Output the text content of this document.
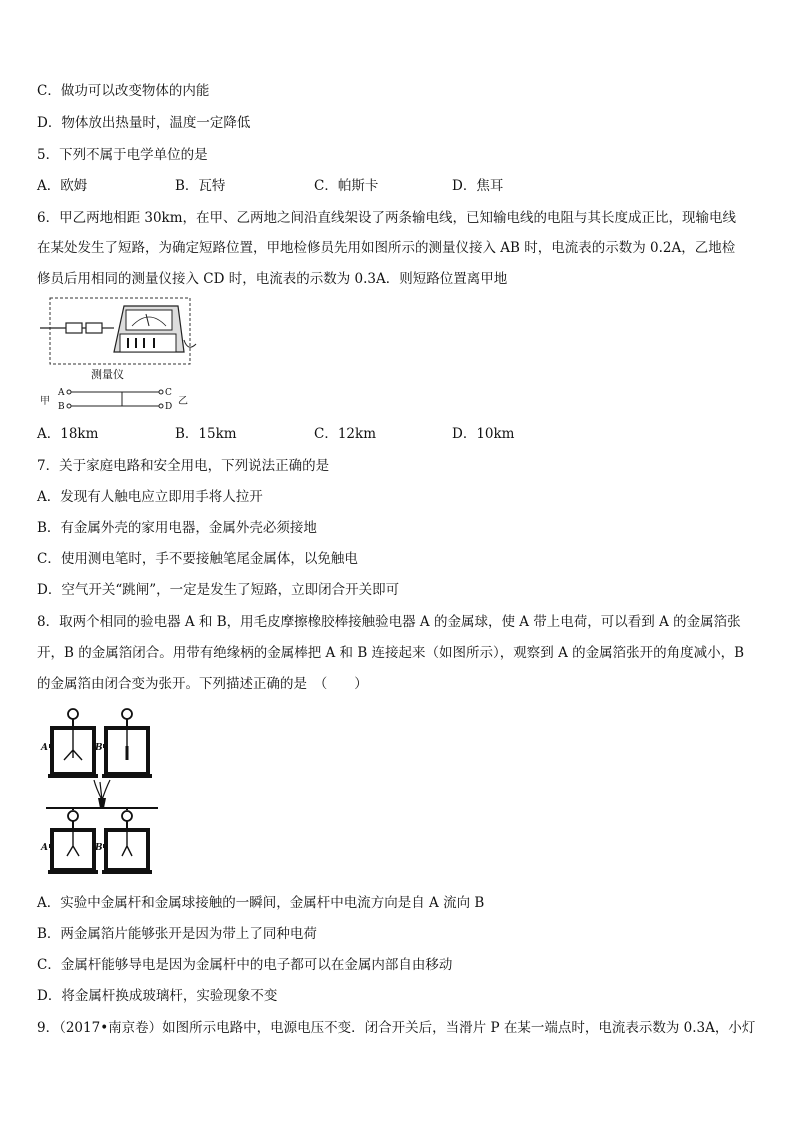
C．做功可以改变物体的内能
D．物体放出热量时，温度一定降低
5．下列不属于电学单位的是
A．欧姆	B．瓦特	C．帕斯卡	D．焦耳
6．甲乙两地相距 30km，在甲、乙两地之间沿直线架设了两条输电线，已知输电线的电阻与其长度成正比，现输电线
在某处发生了短路，为确定短路位置，甲地检修员先用如图所示的测量仪接入 AB 时，电流表的示数为 0.2A，乙地检
修员后用相同的测量仪接入 CD 时，电流表的示数为 0.3A．则短路位置离甲地
测量仪
A
B
甲
C
D 乙
A．18km	B．15km	C．12km	D．10km
7．关于家庭电路和安全用电，下列说法正确的是
A．发现有人触电应立即用手将人拉开
B．有金属外壳的家用电器，金属外壳必须接地
C．使用测电笔时，手不要接触笔尾金属体，以免触电
D．空气开关“跳闸”，一定是发生了短路，立即闭合开关即可
8．取两个相同的验电器 A 和 B，用毛皮摩擦橡胶棒接触验电器 A 的金属球，使 A 带上电荷，可以看到 A 的金属箔张
开，B 的金属箔闭合。用带有绝缘柄的金属棒把 A 和 B 连接起来（如图所示），观察到 A 的金属箔张开的角度减小，B
的金属箔由闭合变为张开。下列描述正确的是　（　　）
A	B
A	B
A．实验中金属杆和金属球接触的一瞬间，金属杆中电流方向是自 A 流向 B
B．两金属箔片能够张开是因为带上了同种电荷
C．金属杆能够导电是因为金属杆中的电子都可以在金属内部自由移动
D．将金属杆换成玻璃杆，实验现象不变
9．（2017•南京卷）如图所示电路中，电源电压不变．闭合开关后，当滑片 P 在某一端点时，电流表示数为 0.3A，小灯
